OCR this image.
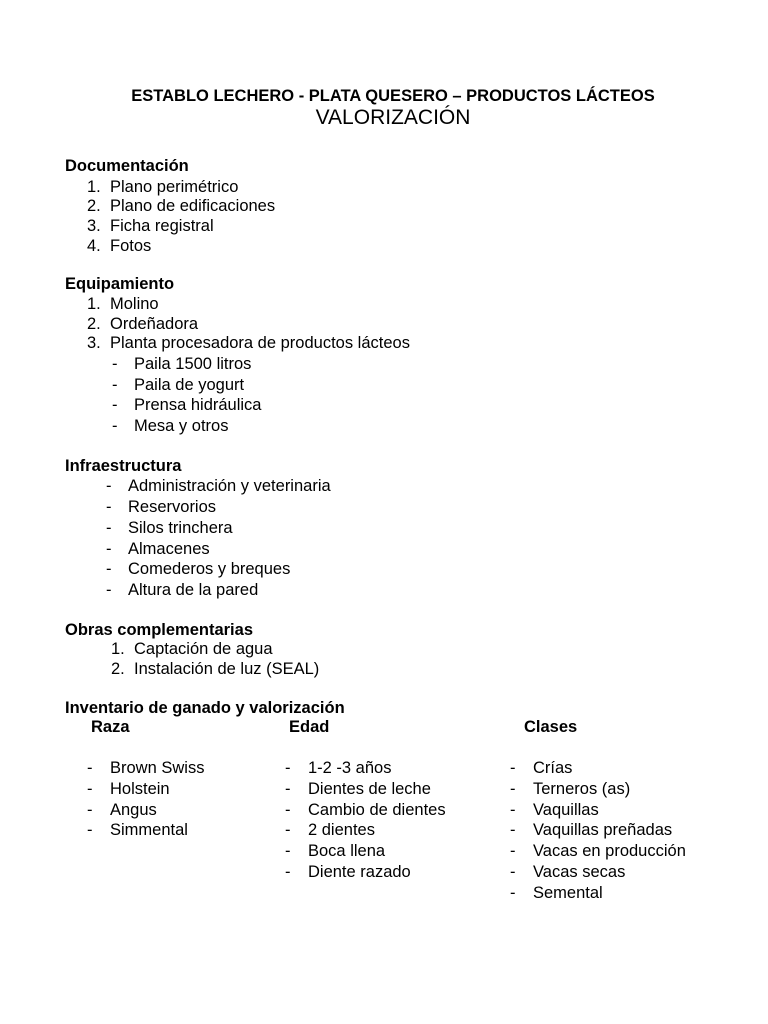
ESTABLO LECHERO - PLATA QUESERO – PRODUCTOS LÁCTEOS
VALORIZACIÓN
Documentación
1. Plano perimétrico
2. Plano de edificaciones
3. Ficha registral
4. Fotos
Equipamiento
1. Molino
2. Ordeñadora
3. Planta procesadora de productos lácteos
- Paila 1500 litros
- Paila de yogurt
- Prensa hidráulica
- Mesa y otros
Infraestructura
- Administración y veterinaria
- Reservorios
- Silos trinchera
- Almacenes
- Comederos y breques
- Altura de la pared
Obras complementarias
1. Captación de agua
2. Instalación de luz (SEAL)
Inventario de ganado y valorización
Raza	Edad	Clases
- Brown Swiss
- Holstein
- Angus
- Simmental
- 1-2 -3 años
- Dientes de leche
- Cambio de dientes
- 2 dientes
- Boca llena
- Diente razado
- Crías
- Terneros (as)
- Vaquillas
- Vaquillas preñadas
- Vacas en producción
- Vacas secas
- Semental
